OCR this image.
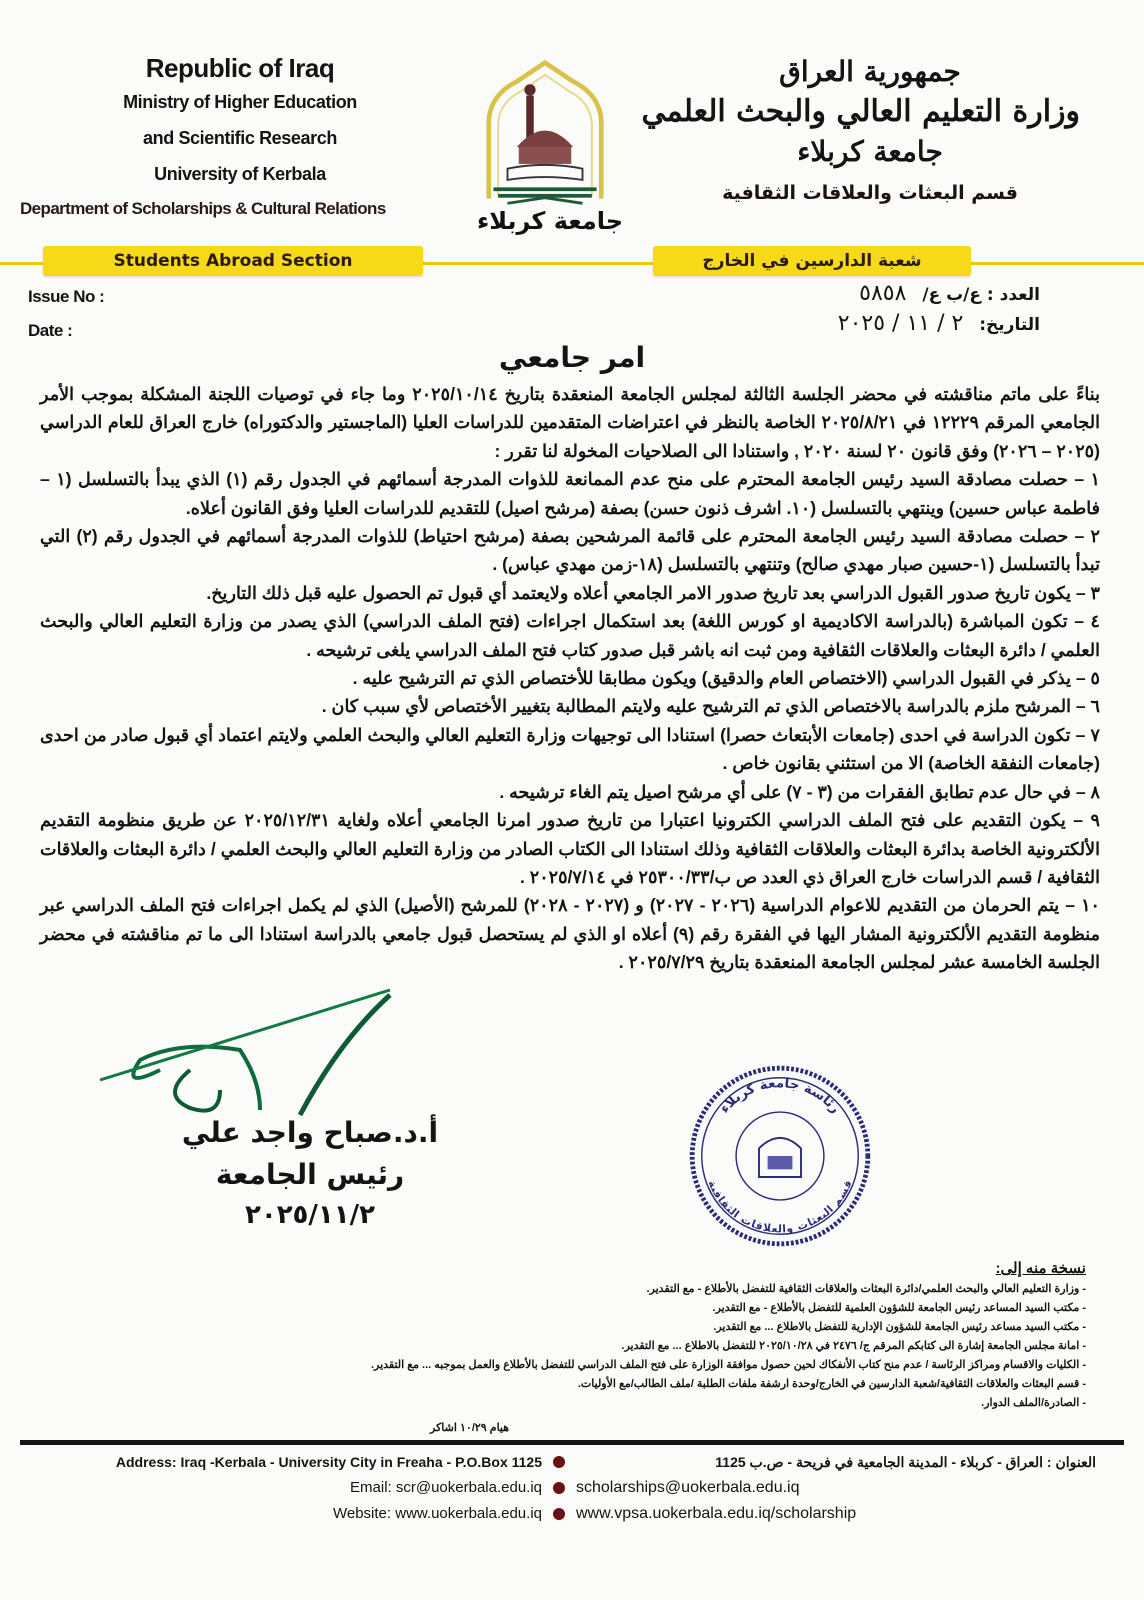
Republic of Iraq
Ministry of Higher Education
and Scientific Research
University of Kerbala
Department of Scholarships & Cultural Relations
جمهورية العراق
وزارة التعليم العالي والبحث العلمي
جامعة كربلاء
قسم البعثات والعلاقات الثقافية
جامعة كربلاء
Students Abroad Section	شعبة الدارسين في الخارج
Issue No :
Date :
العدد : ع/ب ع/ ٥٨٥٨
التاريخ: ٢ / ١١ / ٢٠٢٥
امر جامعي

بناءً على ماتم مناقشته في محضر الجلسة الثالثة لمجلس الجامعة المنعقدة بتاريخ ٢٠٢٥/١٠/١٤ وما جاء في توصيات اللجنة المشكلة بموجب الأمر الجامعي المرقم ١٢٢٢٩ في ٢٠٢٥/٨/٢١ الخاصة بالنظر في اعتراضات المتقدمين للدراسات العليا (الماجستير والدكتوراه) خارج العراق للعام الدراسي (٢٠٢٥ – ٢٠٢٦) وفق قانون ٢٠ لسنة ٢٠٢٠ , واستنادا الى الصلاحيات المخولة لنا تقرر :

١ – حصلت مصادقة السيد رئيس الجامعة المحترم على منح عدم الممانعة للذوات المدرجة أسمائهم في الجدول رقم (١) الذي يبدأ بالتسلسل (١ – فاطمة عباس حسين) وينتهي بالتسلسل (١٠. اشرف ذنون حسن) بصفة (مرشح اصيل) للتقديم للدراسات العليا وفق القانون أعلاه.

٢ – حصلت مصادقة السيد رئيس الجامعة المحترم على قائمة المرشحين بصفة (مرشح احتياط) للذوات المدرجة أسمائهم في الجدول رقم (٢) التي تبدأ بالتسلسل (١-حسين صبار مهدي صالح) وتنتهي بالتسلسل (١٨-زمن مهدي عباس) .

٣ – يكون تاريخ صدور القبول الدراسي بعد تاريخ صدور الامر الجامعي أعلاه ولايعتمد أي قبول تم الحصول عليه قبل ذلك التاريخ.

٤ – تكون المباشرة (بالدراسة الاكاديمية او كورس اللغة) بعد استكمال اجراءات (فتح الملف الدراسي) الذي يصدر من وزارة التعليم العالي والبحث العلمي / دائرة البعثات والعلاقات الثقافية ومن ثبت انه باشر قبل صدور كتاب فتح الملف الدراسي يلغى ترشيحه .

٥ – يذكر في القبول الدراسي (الاختصاص العام والدقيق) ويكون مطابقا للأختصاص الذي تم الترشيح عليه .

٦ – المرشح ملزم بالدراسة بالاختصاص الذي تم الترشيح عليه ولايتم المطالبة بتغيير الأختصاص لأي سبب كان .

٧ – تكون الدراسة في احدى (جامعات الأبتعاث حصرا) استنادا الى توجيهات وزارة التعليم العالي والبحث العلمي ولايتم اعتماد أي قبول صادر من احدى (جامعات النفقة الخاصة) الا من استثني بقانون خاص .

٨ – في حال عدم تطابق الفقرات من (٣ - ٧) على أي مرشح اصيل يتم الغاء ترشيحه .

٩ – يكون التقديم على فتح الملف الدراسي الكترونيا اعتبارا من تاريخ صدور امرنا الجامعي أعلاه ولغاية ٢٠٢٥/١٢/٣١ عن طريق منظومة التقديم الألكترونية الخاصة بدائرة البعثات والعلاقات الثقافية وذلك استنادا الى الكتاب الصادر من وزارة التعليم العالي والبحث العلمي / دائرة البعثات والعلاقات الثقافية / قسم الدراسات خارج العراق ذي العدد ص ب/٢٥٣٠٠/٣٣ في ٢٠٢٥/٧/١٤ .

١٠ – يتم الحرمان من التقديم للاعوام الدراسية (٢٠٢٦ - ٢٠٢٧) و (٢٠٢٧ - ٢٠٢٨) للمرشح (الأصيل) الذي لم يكمل اجراءات فتح الملف الدراسي عبر منظومة التقديم الألكترونية المشار اليها في الفقرة رقم (٩) أعلاه او الذي لم يستحصل قبول جامعي بالدراسة استنادا الى ما تم مناقشته في محضر الجلسة الخامسة عشر لمجلس الجامعة المنعقدة بتاريخ ٢٠٢٥/٧/٢٩ .

أ.د.صباح واجد علي
رئيس الجامعة
٢٠٢٥/١١/٢
رئاسة جامعة كربلاء
قسم البعثات والعلاقات الثقافية
نسخة منه إلى:
- وزارة التعليم العالي والبحث العلمي/دائرة البعثات والعلاقات الثقافية للتفضل بالأطلاع - مع التقدير.
- مكتب السيد المساعد رئيس الجامعة للشؤون العلمية للتفضل بالأطلاع - مع التقدير.
- مكتب السيد مساعد رئيس الجامعة للشؤون الإدارية للتفضل بالاطلاع ... مع التقدير.
- امانة مجلس الجامعة إشارة الى كتابكم المرقم ج/ ٢٤٧٦ في ٢٠٢٥/١٠/٢٨ للتفضل بالاطلاع ... مع التقدير.
- الكليات والاقسام ومراكز الرئاسة / عدم منح كتاب الأنفكاك لحين حصول موافقة الوزارة على فتح الملف الدراسي للتفضل بالأطلاع والعمل بموجبه ... مع التقدير.
- قسم البعثات والعلاقات الثقافية/شعبة الدارسين في الخارج/وحدة ارشفة ملفات الطلبة /ملف الطالب/مع الأوليات.
- الصادرة/الملف الدوار.
هيام ١٠/٢٩ اشاكر
Address: Iraq -Kerbala - University City in Freaha - P.O.Box 1125	العنوان : العراق - كربلاء - المدينة الجامعية في فريحة - ص.ب 1125
Email: scr@uokerbala.edu.iq scholarships@uokerbala.edu.iq
Website: www.uokerbala.edu.iq www.vpsa.uokerbala.edu.iq/scholarship
